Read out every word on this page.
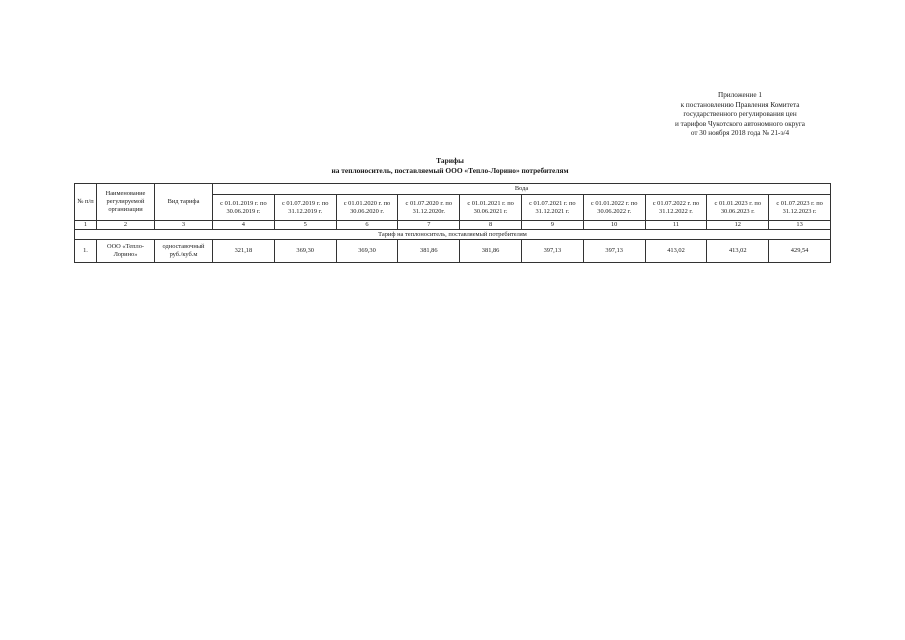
Приложение 1
к постановлению Правления Комитета
государственного регулирования цен
и тарифов Чукотского автономного округа
от 30 ноября 2018 года № 21-э/4
Тарифы
на теплоноситель, поставляемый ООО «Тепло-Лорино» потребителям
№ п/п	Наименование регулируемой организации	Вид тарифа	Вода									
			с 01.01.2019 г. по 30.06.2019 г.	с 01.07.2019 г. по 31.12.2019 г.	с 01.01.2020 г. по 30.06.2020 г.	с 01.07.2020 г. по 31.12.2020г.	с 01.01.2021 г. по 30.06.2021 г.	с 01.07.2021 г. по 31.12.2021 г.	с 01.01.2022 г. по 30.06.2022 г.	с 01.07.2022 г. по 31.12.2022 г.	с 01.01.2023 г. по 30.06.2023 г.	с 01.07.2023 г. по 31.12.2023 г.
1	2	3	4	5	6	7	8	9	10	11	12	13
Тариф на теплоноситель, поставляемый потребителям												
1.	ООО «Тепло-Лорино»	одноставочный руб./куб.м	321,18	369,30	369,30	381,86	381,86	397,13	397,13	413,02	413,02	429,54
